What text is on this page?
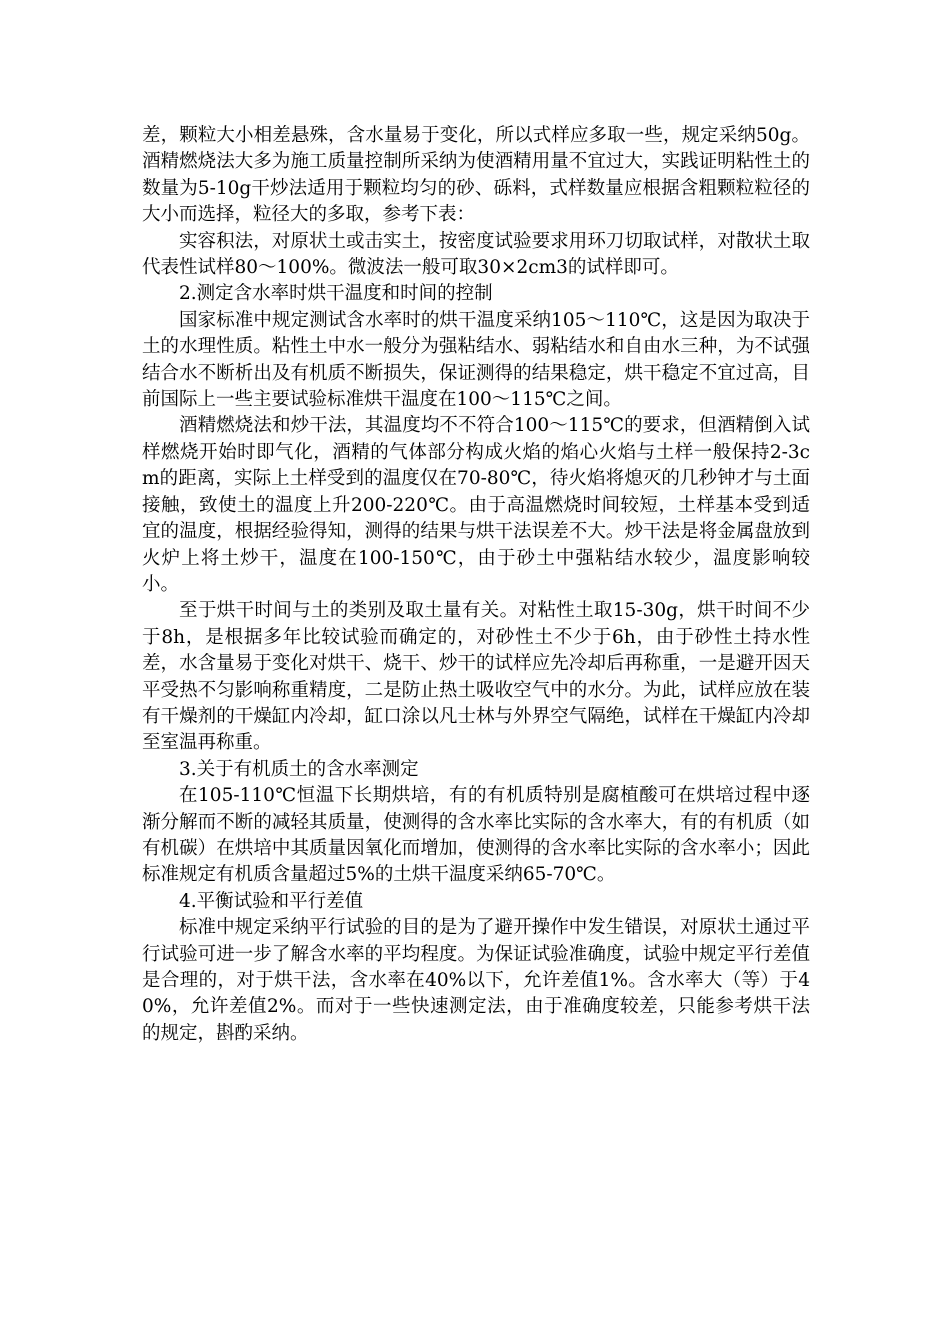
差，颗粒大小相差悬殊，含水量易于变化，所以式样应多取一些，规定采纳50g。酒精燃烧法大多为施工质量控制所采纳为使酒精用量不宜过大，实践证明粘性土的数量为5-10g干炒法适用于颗粒均匀的砂、砾料，式样数量应根据含粗颗粒粒径的大小而选择，粒径大的多取，参考下表：

实容积法，对原状土或击实土，按密度试验要求用环刀切取试样，对散状土取代表性试样80～100%。微波法一般可取30×2cm3的试样即可。

2.测定含水率时烘干温度和时间的控制

国家标准中规定测试含水率时的烘干温度采纳105～110℃，这是因为取决于土的水理性质。粘性土中水一般分为强粘结水、弱粘结水和自由水三种，为不试强结合水不断析出及有机质不断损失，保证测得的结果稳定，烘干稳定不宜过高，目前国际上一些主要试验标准烘干温度在100～115℃之间。

酒精燃烧法和炒干法，其温度均不不符合100～115℃的要求，但酒精倒入试样燃烧开始时即气化，酒精的气体部分构成火焰的焰心火焰与土样一般保持2-3cm的距离，实际上土样受到的温度仅在70-80℃，待火焰将熄灭的几秒钟才与土面接触，致使土的温度上升200-220℃。由于高温燃烧时间较短，土样基本受到适宜的温度，根据经验得知，测得的结果与烘干法误差不大。炒干法是将金属盘放到火炉上将土炒干，温度在100-150℃，由于砂土中强粘结水较少，温度影响较小。

至于烘干时间与土的类别及取土量有关。对粘性土取15-30g，烘干时间不少于8h，是根据多年比较试验而确定的，对砂性土不少于6h，由于砂性土持水性差，水含量易于变化对烘干、烧干、炒干的试样应先冷却后再称重，一是避开因天平受热不匀影响称重精度，二是防止热土吸收空气中的水分。为此，试样应放在装有干燥剂的干燥缸内冷却，缸口涂以凡士林与外界空气隔绝，试样在干燥缸内冷却至室温再称重。

3.关于有机质土的含水率测定

在105-110℃恒温下长期烘培，有的有机质特别是腐植酸可在烘培过程中逐渐分解而不断的减轻其质量，使测得的含水率比实际的含水率大，有的有机质（如有机碳）在烘培中其质量因氧化而增加，使测得的含水率比实际的含水率小；因此标准规定有机质含量超过5%的土烘干温度采纳65-70℃。

4.平衡试验和平行差值

标准中规定采纳平行试验的目的是为了避开操作中发生错误，对原状土通过平行试验可进一步了解含水率的平均程度。为保证试验准确度，试验中规定平行差值是合理的，对于烘干法，含水率在40%以下，允许差值1%。含水率大（等）于40%，允许差值2%。而对于一些快速测定法，由于准确度较差，只能参考烘干法的规定，斟酌采纳。
